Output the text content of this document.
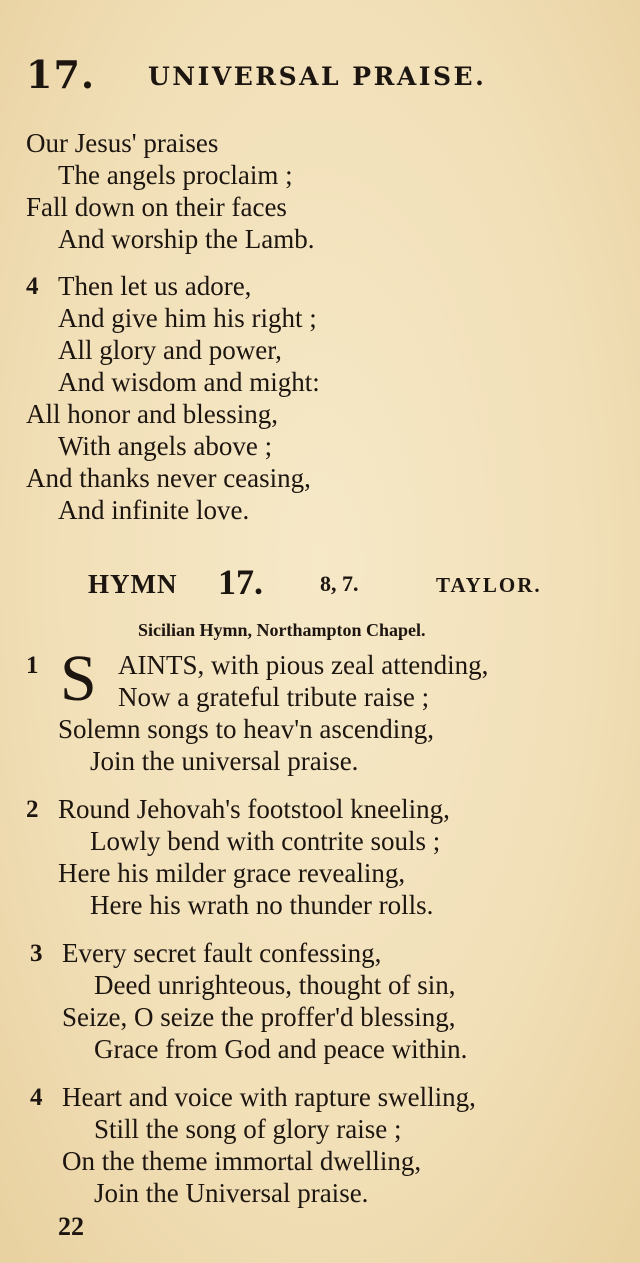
17. UNIVERSAL PRAISE.
Our Jesus' praises
The angels proclaim ;
Fall down on their faces
And worship the Lamb.
4 Then let us adore,
And give him his right ;
All glory and power,
And wisdom and might:
All honor and blessing,
With angels above ;
And thanks never ceasing,
And infinite love.
HYMN 17.	8, 7.	TAYLOR.
Sicilian Hymn, Northampton Chapel.
1 S AINTS, with pious zeal attending,
Now a grateful tribute raise ;
Solemn songs to heav'n ascending,
Join the universal praise.
2 Round Jehovah's footstool kneeling,
Lowly bend with contrite souls ;
Here his milder grace revealing,
Here his wrath no thunder rolls.
3 Every secret fault confessing,
Deed unrighteous, thought of sin,
Seize, O seize the proffer'd blessing,
Grace from God and peace within.
4 Heart and voice with rapture swelling,
Still the song of glory raise ;
On the theme immortal dwelling,
Join the Universal praise.
22
